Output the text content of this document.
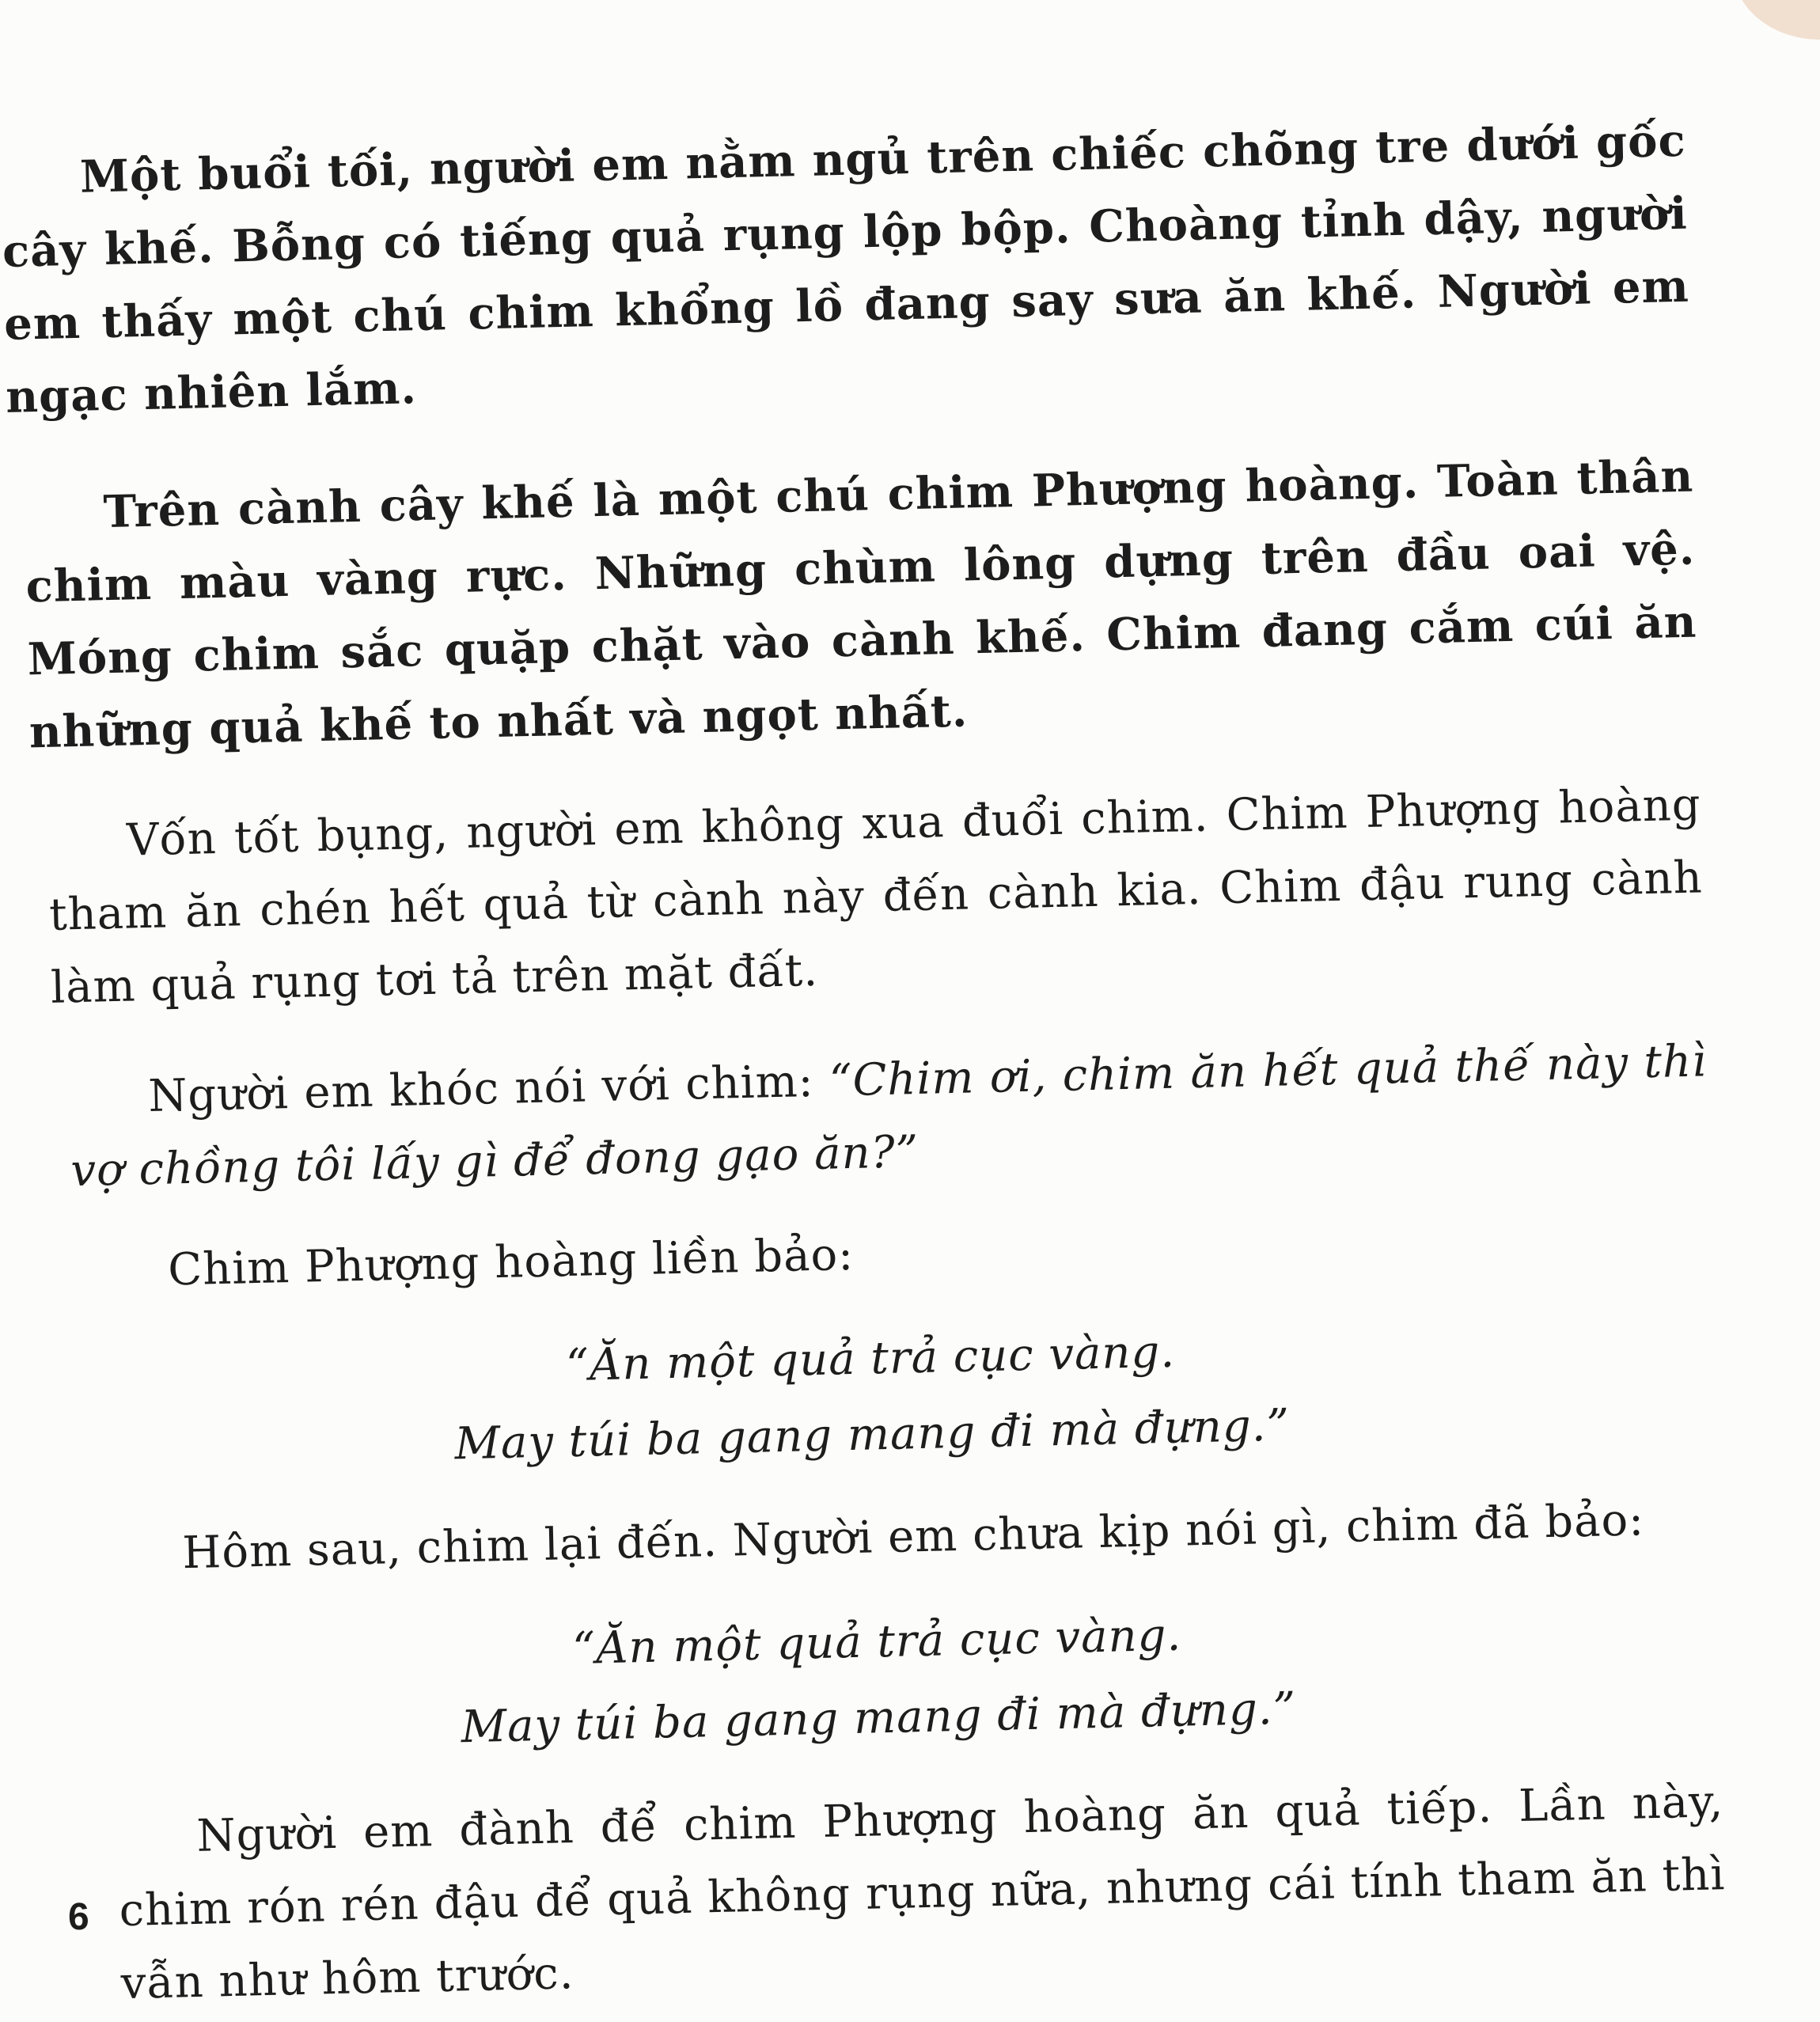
Một buổi tối, người em nằm ngủ trên chiếc chõng tre dưới gốc cây khế. Bỗng có tiếng quả rụng lộp bộp. Choàng tỉnh dậy, người em thấy một chú chim khổng lồ đang say sưa ăn khế. Người em ngạc nhiên lắm.

Trên cành cây khế là một chú chim Phượng hoàng. Toàn thân chim màu vàng rực. Những chùm lông dựng trên đầu oai vệ. Móng chim sắc quặp chặt vào cành khế. Chim đang cắm cúi ăn những quả khế to nhất và ngọt nhất.

Vốn tốt bụng, người em không xua đuổi chim. Chim Phượng hoàng tham ăn chén hết quả từ cành này đến cành kia. Chim đậu rung cành làm quả rụng tơi tả trên mặt đất.

Người em khóc nói với chim: “Chim ơi, chim ăn hết quả thế này thì vợ chồng tôi lấy gì để đong gạo ăn?”

Chim Phượng hoàng liền bảo:

“Ăn một quả trả cục vàng.
May túi ba gang mang đi mà đựng.”

Hôm sau, chim lại đến. Người em chưa kịp nói gì, chim đã bảo:

“Ăn một quả trả cục vàng.
May túi ba gang mang đi mà đựng.”

Người em đành để chim Phượng hoàng ăn quả tiếp. Lần này, chim rón rén đậu để quả không rụng nữa, nhưng cái tính tham ăn thì vẫn như hôm trước.

6
